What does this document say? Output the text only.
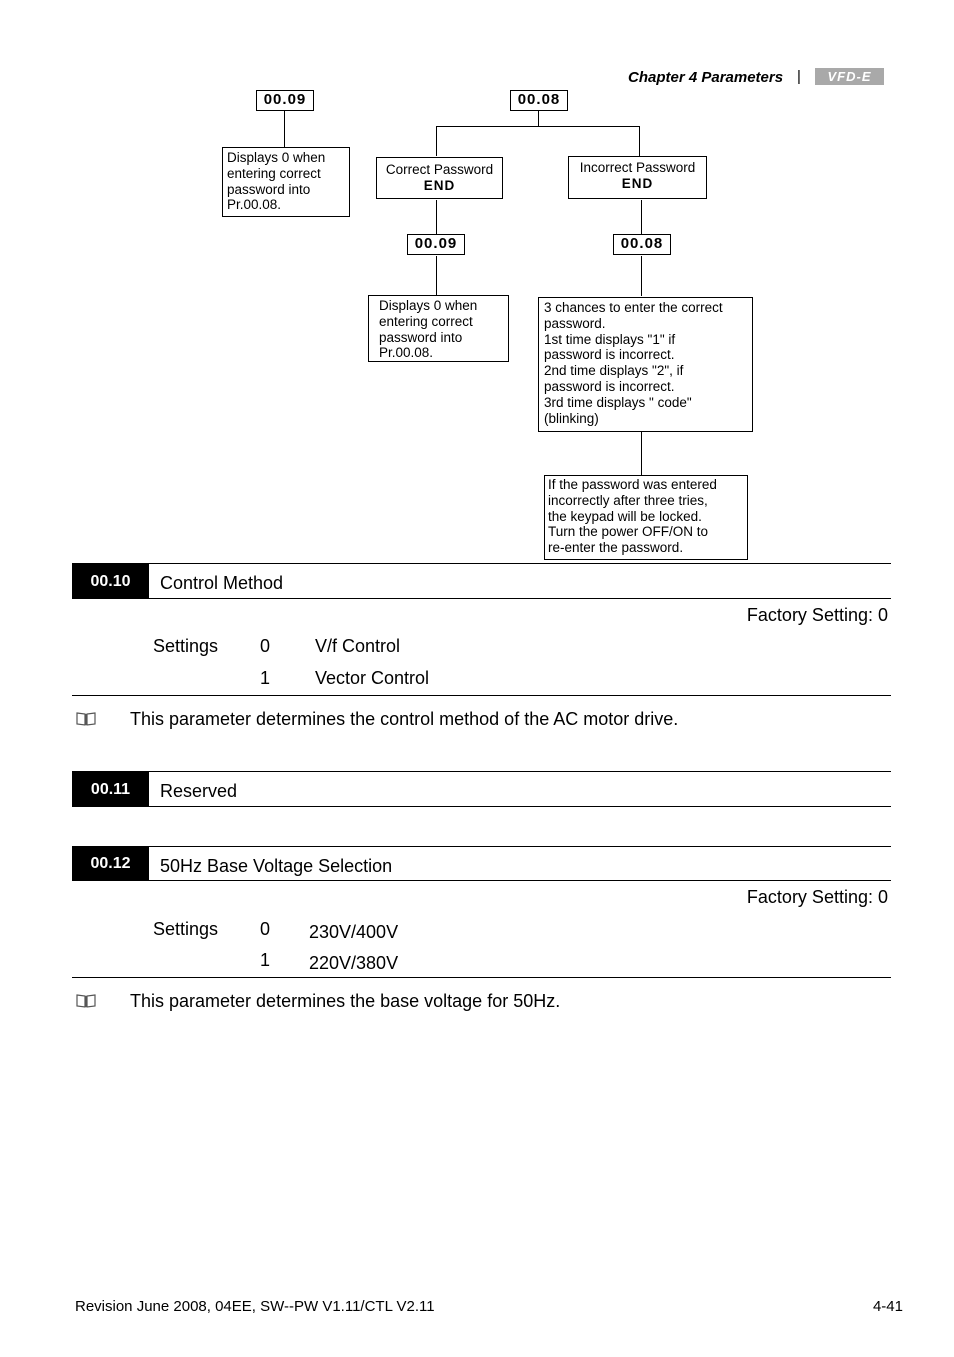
Chapter 4 Parameters |	VFD-E
00.09	00.08
Displays 0 when
entering correct
password into
Pr.00.08.
Correct Password
END
Incorrect Password
END
00.09	00.08
Displays 0 when
entering correct
password into
Pr.00.08.
3 chances to enter the correct
password.
1st time displays "1" if
password is incorrect.
2nd time displays "2", if
password is incorrect.
3rd time displays " code"
(blinking)
If the password was entered
incorrectly after three tries,
the keypad will be locked.
Turn the power OFF/ON to
re-enter the password.
00.10	Control Method
Factory Setting: 0
Settings 0 V/f Control
1 Vector Control
This parameter determines the control method of the AC motor drive.
00.11	Reserved
00.12	50Hz Base Voltage Selection
Factory Setting: 0
Settings 0 230V/400V
1 220V/380V
This parameter determines the base voltage for 50Hz.
Revision June 2008, 04EE, SW--PW V1.11/CTL V2.11	4-41
